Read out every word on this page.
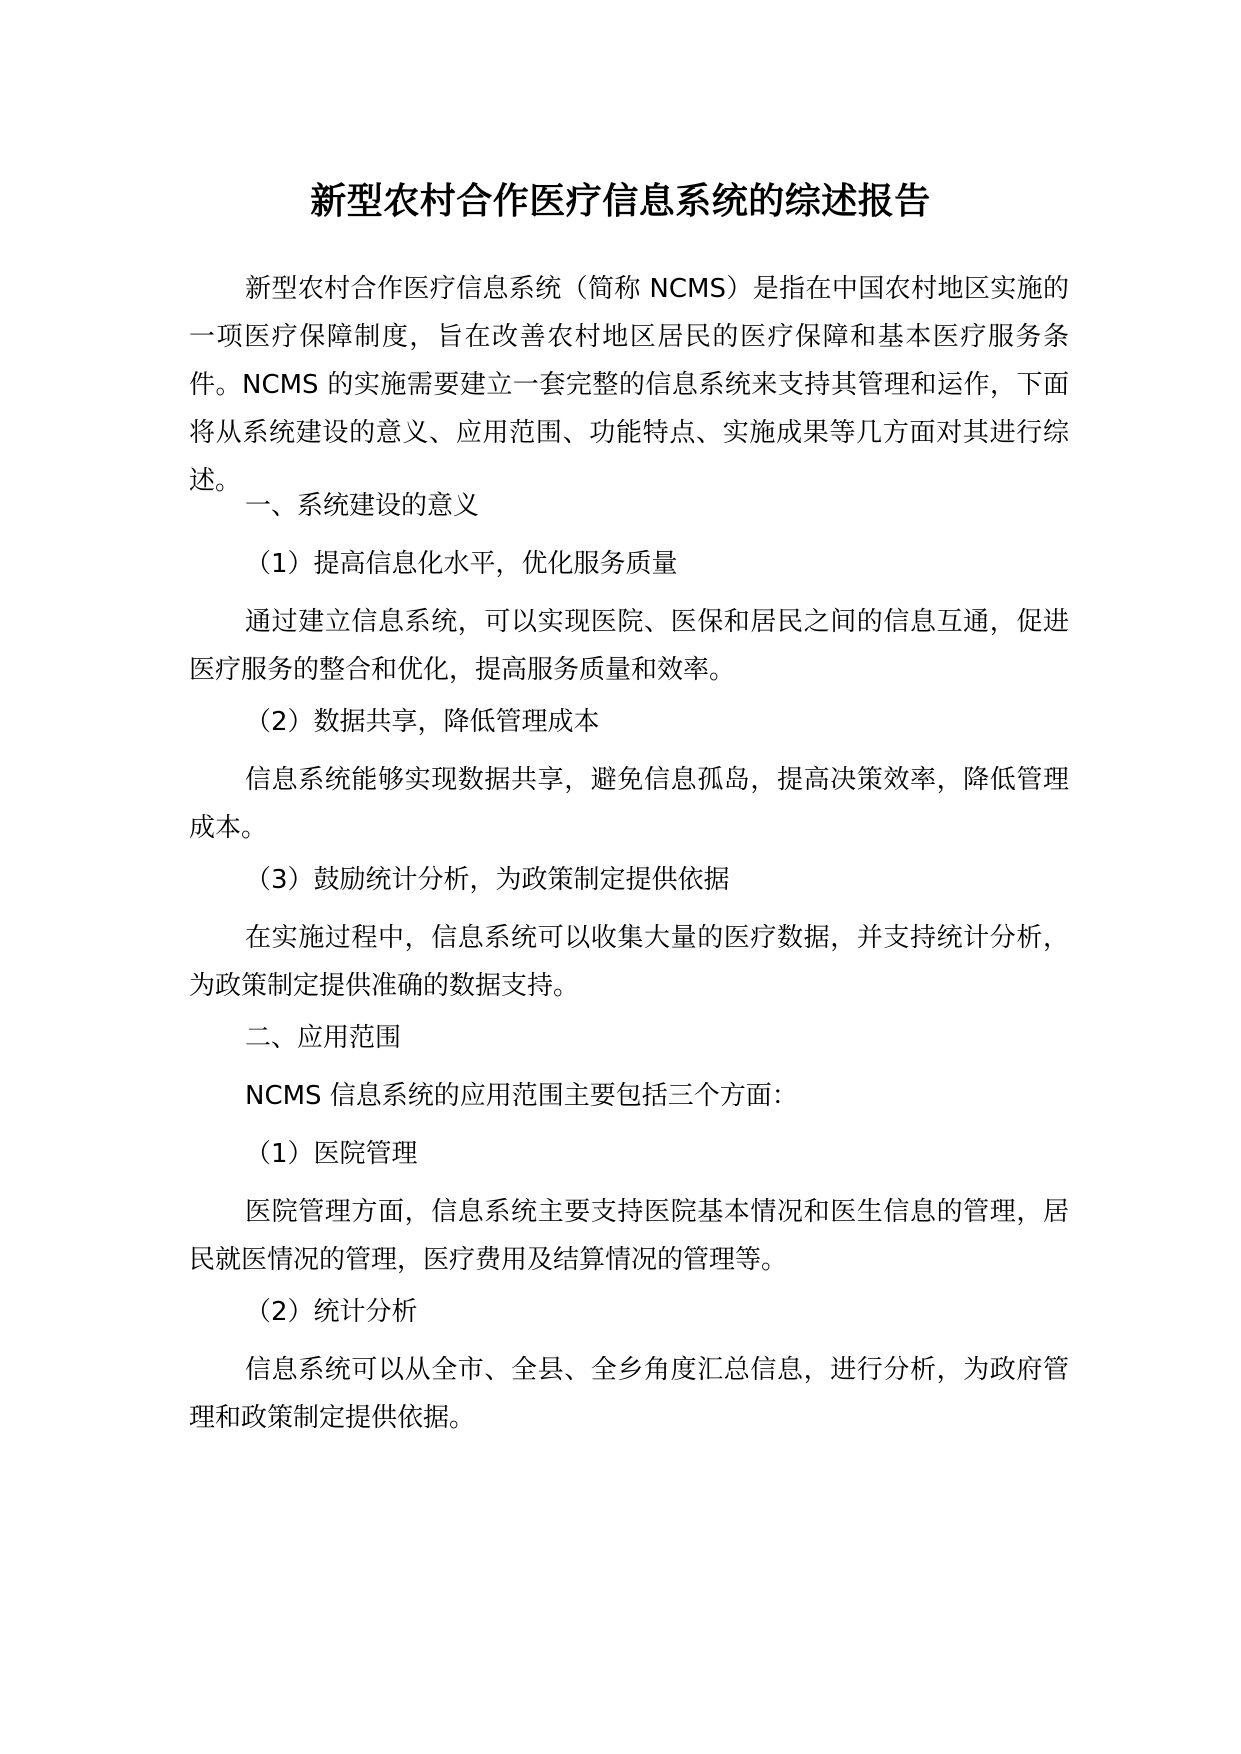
新型农村合作医疗信息系统的综述报告

新型农村合作医疗信息系统（简称 NCMS）是指在中国农村地区实施的一项医疗保障制度，旨在改善农村地区居民的医疗保障和基本医疗服务条件。NCMS 的实施需要建立一套完整的信息系统来支持其管理和运作，下面将从系统建设的意义、应用范围、功能特点、实施成果等几方面对其进行综述。

一、系统建设的意义

（1）提高信息化水平，优化服务质量

通过建立信息系统，可以实现医院、医保和居民之间的信息互通，促进医疗服务的整合和优化，提高服务质量和效率。

（2）数据共享，降低管理成本

信息系统能够实现数据共享，避免信息孤岛，提高决策效率，降低管理成本。

（3）鼓励统计分析，为政策制定提供依据

在实施过程中，信息系统可以收集大量的医疗数据，并支持统计分析，为政策制定提供准确的数据支持。

二、应用范围

NCMS 信息系统的应用范围主要包括三个方面：

（1）医院管理

医院管理方面，信息系统主要支持医院基本情况和医生信息的管理，居民就医情况的管理，医疗费用及结算情况的管理等。

（2）统计分析

信息系统可以从全市、全县、全乡角度汇总信息，进行分析，为政府管理和政策制定提供依据。
